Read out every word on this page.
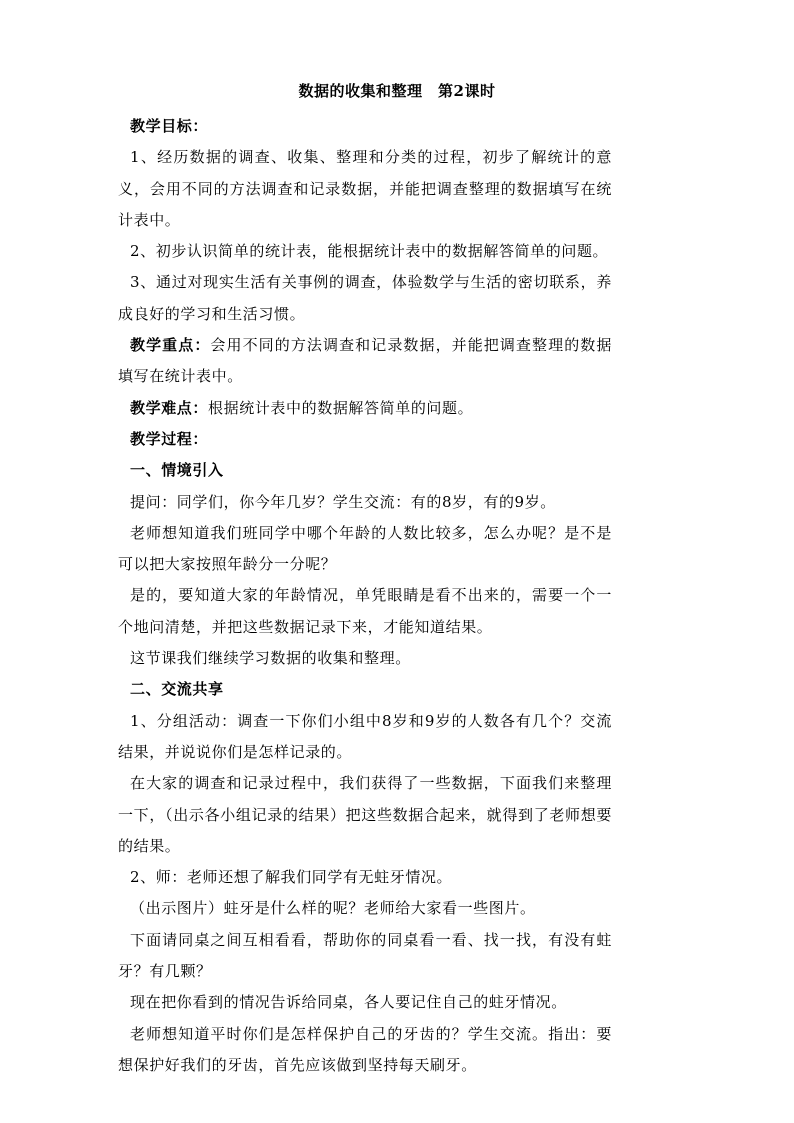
数据的收集和整理　第2课时

教学目标：

1、经历数据的调查、收集、整理和分类的过程，初步了解统计的意义，会用不同的方法调查和记录数据，并能把调查整理的数据填写在统计表中。

2、初步认识简单的统计表，能根据统计表中的数据解答简单的问题。

3、通过对现实生活有关事例的调查，体验数学与生活的密切联系，养成良好的学习和生活习惯。

教学重点：会用不同的方法调查和记录数据，并能把调查整理的数据填写在统计表中。

教学难点：根据统计表中的数据解答简单的问题。

教学过程：

一、情境引入

提问：同学们，你今年几岁？学生交流：有的8岁，有的9岁。

老师想知道我们班同学中哪个年龄的人数比较多，怎么办呢？是不是可以把大家按照年龄分一分呢？

是的，要知道大家的年龄情况，单凭眼睛是看不出来的，需要一个一个地问清楚，并把这些数据记录下来，才能知道结果。

这节课我们继续学习数据的收集和整理。

二、交流共享

1、分组活动：调查一下你们小组中8岁和9岁的人数各有几个？交流结果，并说说你们是怎样记录的。

在大家的调查和记录过程中，我们获得了一些数据，下面我们来整理一下，（出示各小组记录的结果）把这些数据合起来，就得到了老师想要的结果。

2、师：老师还想了解我们同学有无蛀牙情况。

（出示图片）蛀牙是什么样的呢？老师给大家看一些图片。

下面请同桌之间互相看看，帮助你的同桌看一看、找一找，有没有蛀牙？有几颗？

现在把你看到的情况告诉给同桌，各人要记住自己的蛀牙情况。

老师想知道平时你们是怎样保护自己的牙齿的？学生交流。指出：要想保护好我们的牙齿，首先应该做到坚持每天刷牙。
